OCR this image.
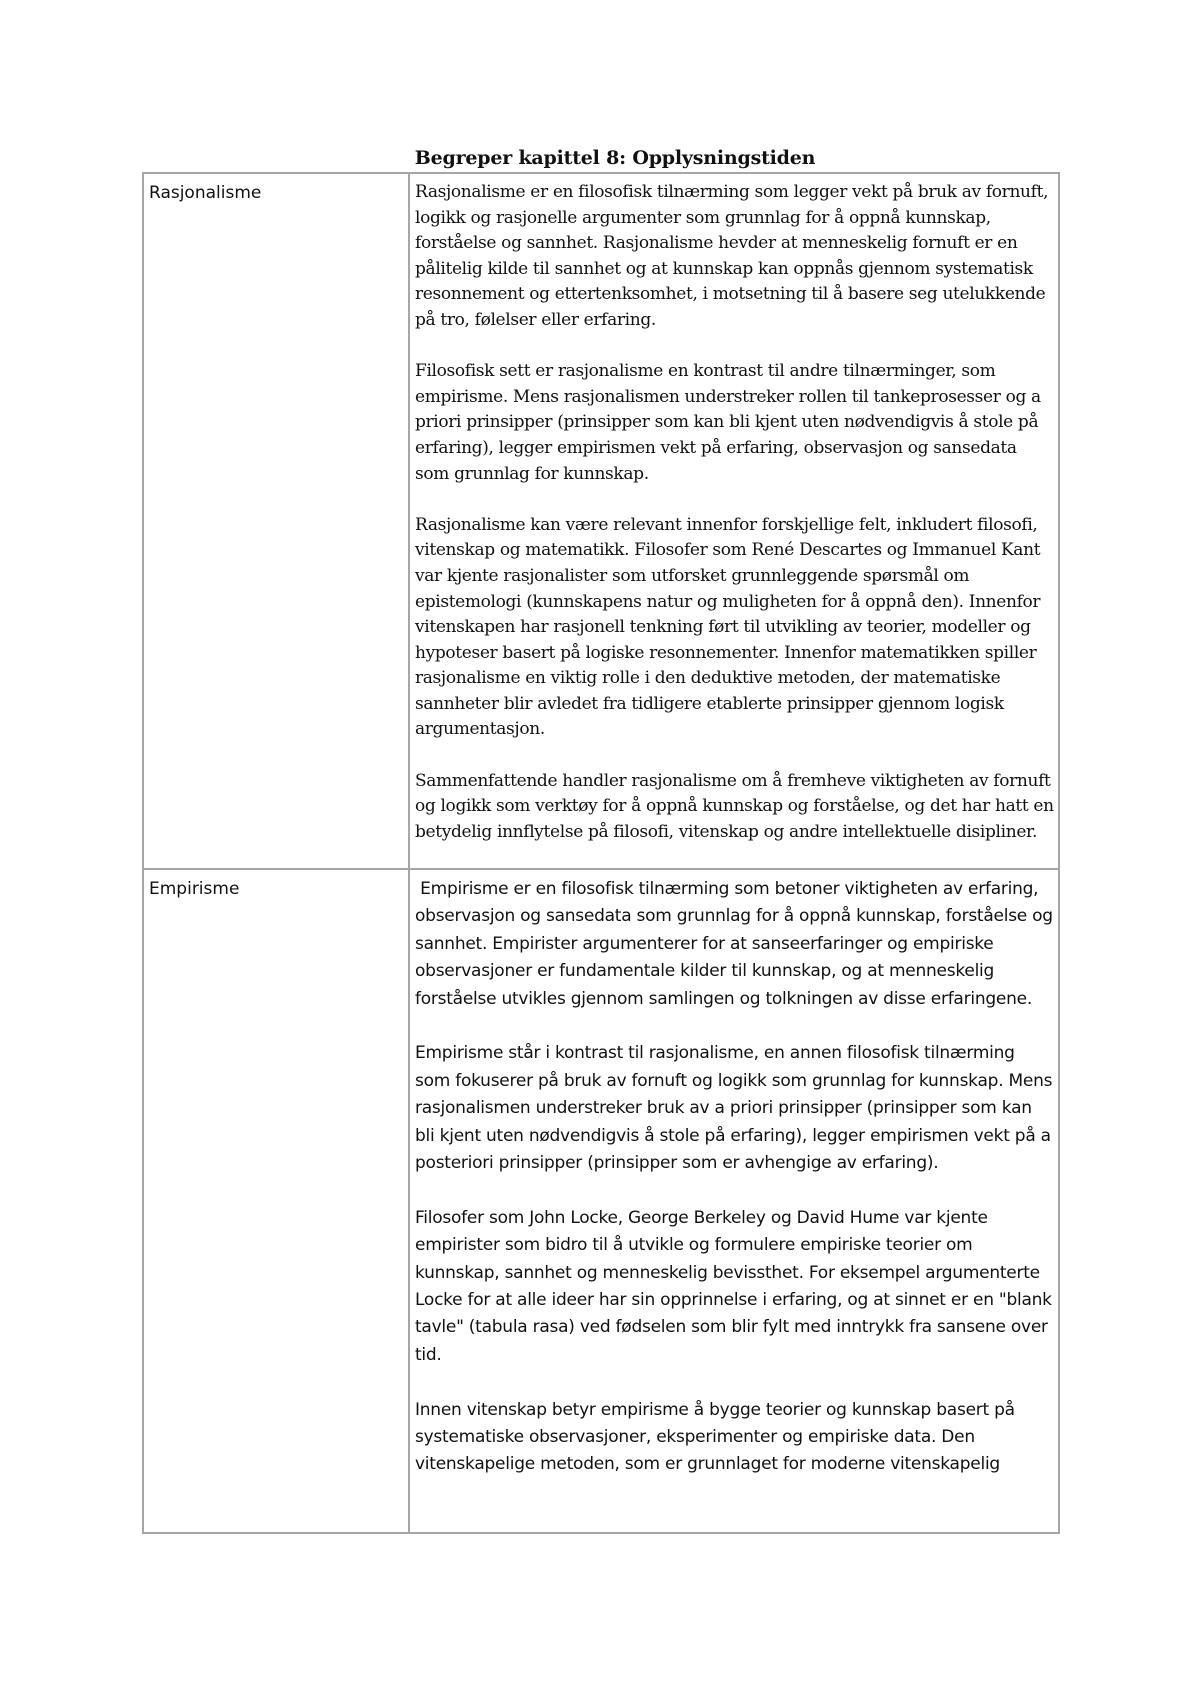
Begreper kapittel 8: Opplysningstiden
Rasjonalisme	Rasjonalisme er en filosofisk tilnærming som legger vekt på bruk av fornuft, logikk og rasjonelle argumenter som grunnlag for å oppnå kunnskap, forståelse og sannhet. Rasjonalisme hevder at menneskelig fornuft er en pålitelig kilde til sannhet og at kunnskap kan oppnås gjennom systematisk resonnement og ettertenksomhet, i motsetning til å basere seg utelukkende på tro, følelser eller erfaring.

Filosofisk sett er rasjonalisme en kontrast til andre tilnærminger, som empirisme. Mens rasjonalismen understreker rollen til tankeprosesser og a priori prinsipper (prinsipper som kan bli kjent uten nødvendigvis å stole på erfaring), legger empirismen vekt på erfaring, observasjon og sansedata som grunnlag for kunnskap.

Rasjonalisme kan være relevant innenfor forskjellige felt, inkludert filosofi, vitenskap og matematikk. Filosofer som René Descartes og Immanuel Kant var kjente rasjonalister som utforsket grunnleggende spørsmål om epistemologi (kunnskapens natur og muligheten for å oppnå den). Innenfor vitenskapen har rasjonell tenkning ført til utvikling av teorier, modeller og hypoteser basert på logiske resonnementer. Innenfor matematikken spiller rasjonalisme en viktig rolle i den deduktive metoden, der matematiske sannheter blir avledet fra tidligere etablerte prinsipper gjennom logisk argumentasjon.

Sammenfattende handler rasjonalisme om å fremheve viktigheten av fornuft og logikk som verktøy for å oppnå kunnskap og forståelse, og det har hatt en betydelig innflytelse på filosofi, vitenskap og andre intellektuelle disipliner.

Empirisme	Empirisme er en filosofisk tilnærming som betoner viktigheten av erfaring, observasjon og sansedata som grunnlag for å oppnå kunnskap, forståelse og sannhet. Empirister argumenterer for at sanseerfaringer og empiriske observasjoner er fundamentale kilder til kunnskap, og at menneskelig forståelse utvikles gjennom samlingen og tolkningen av disse erfaringene.

Empirisme står i kontrast til rasjonalisme, en annen filosofisk tilnærming som fokuserer på bruk av fornuft og logikk som grunnlag for kunnskap. Mens rasjonalismen understreker bruk av a priori prinsipper (prinsipper som kan bli kjent uten nødvendigvis å stole på erfaring), legger empirismen vekt på a posteriori prinsipper (prinsipper som er avhengige av erfaring).

Filosofer som John Locke, George Berkeley og David Hume var kjente empirister som bidro til å utvikle og formulere empiriske teorier om kunnskap, sannhet og menneskelig bevissthet. For eksempel argumenterte Locke for at alle ideer har sin opprinnelse i erfaring, og at sinnet er en "blank tavle" (tabula rasa) ved fødselen som blir fylt med inntrykk fra sansene over tid.

Innen vitenskap betyr empirisme å bygge teorier og kunnskap basert på systematiske observasjoner, eksperimenter og empiriske data. Den vitenskapelige metoden, som er grunnlaget for moderne vitenskapelig
